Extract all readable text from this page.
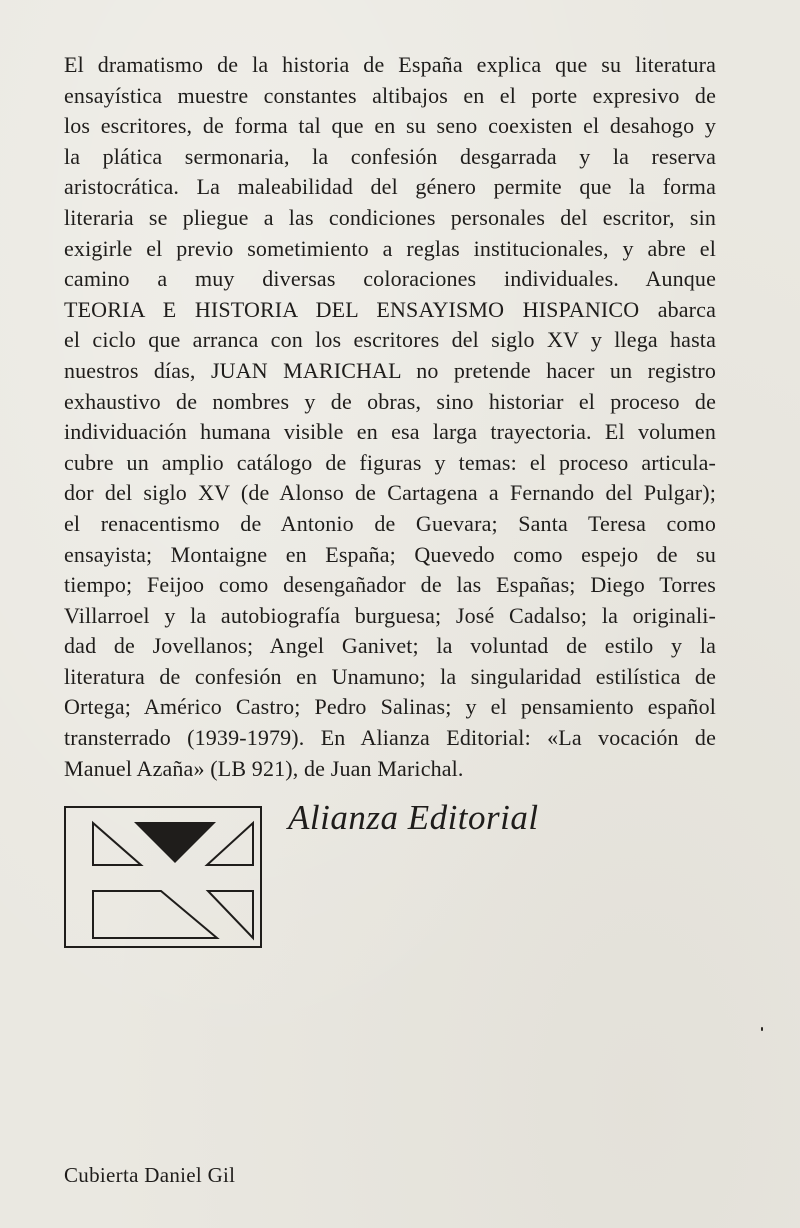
El dramatismo de la historia de España explica que su literatura
ensayística muestre constantes altibajos en el porte expresivo de
los escritores, de forma tal que en su seno coexisten el desahogo y
la plática sermonaria, la confesión desgarrada y la reserva
aristocrática. La maleabilidad del género permite que la forma
literaria se pliegue a las condiciones personales del escritor, sin
exigirle el previo sometimiento a reglas institucionales, y abre el
camino a muy diversas coloraciones individuales. Aunque
TEORIA E HISTORIA DEL ENSAYISMO HISPANICO abarca
el ciclo que arranca con los escritores del siglo XV y llega hasta
nuestros días, JUAN MARICHAL no pretende hacer un registro
exhaustivo de nombres y de obras, sino historiar el proceso de
individuación humana visible en esa larga trayectoria. El volumen
cubre un amplio catálogo de figuras y temas: el proceso articula-
dor del siglo XV (de Alonso de Cartagena a Fernando del Pulgar);
el renacentismo de Antonio de Guevara; Santa Teresa como
ensayista; Montaigne en España; Quevedo como espejo de su
tiempo; Feijoo como desengañador de las Españas; Diego Torres
Villarroel y la autobiografía burguesa; José Cadalso; la originali-
dad de Jovellanos; Angel Ganivet; la voluntad de estilo y la
literatura de confesión en Unamuno; la singularidad estilística de
Ortega; Américo Castro; Pedro Salinas; y el pensamiento español
transterrado (1939-1979). En Alianza Editorial: «La vocación de
Manuel Azaña» (LB 921), de Juan Marichal.
Alianza Editorial
Cubierta Daniel Gil
